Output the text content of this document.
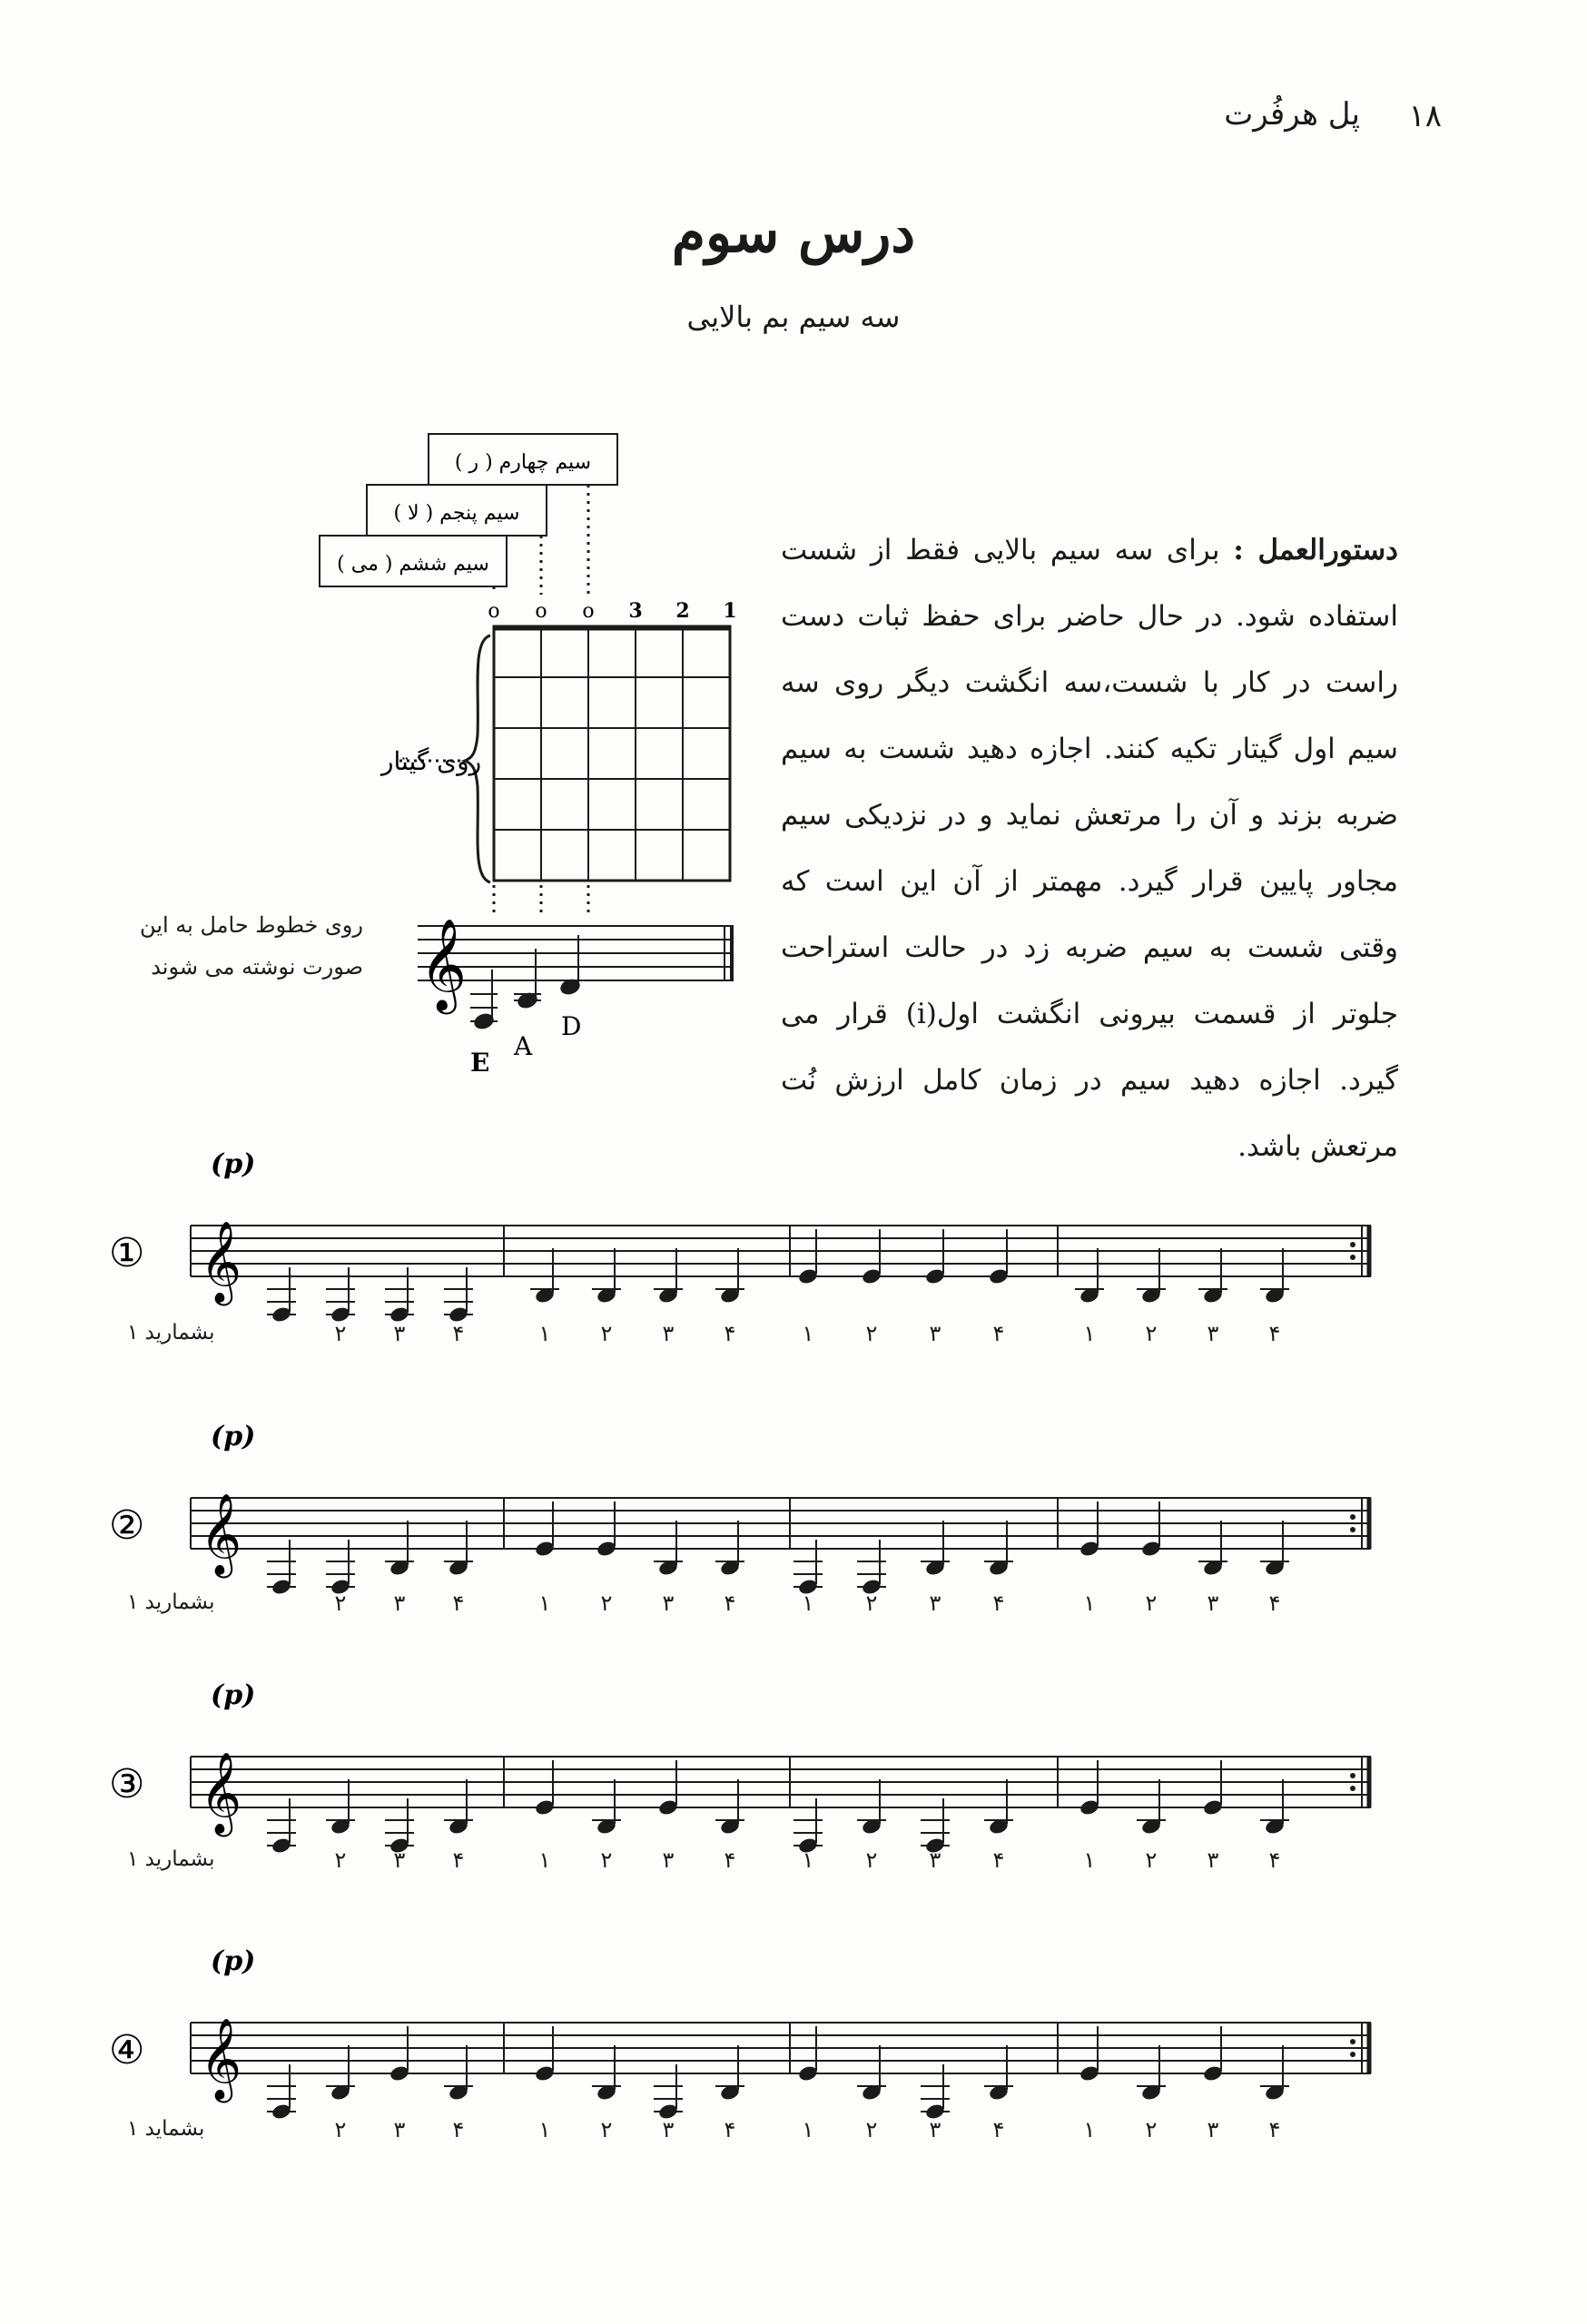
۱۸
پل هرفُرت
درس سوم
سه سیم بم بالایی
سیم چهارم ( ر )
سیم پنجم ( لا )
سیم ششم ( می )
o o o 3 2 1
روی گیتار
𝄞
E
A
D
روی خطوط حامل به این
صورت نوشته می شوند
دستورالعمل : برای سه سیم بالایی فقط از شست استفاده شود. در حال حاضر برای حفظ ثبات دست راست در کار با شست،سه انگشت دیگر روی سه سیم اول گیتار تکیه کنند. اجازه دهید شست به سیم ضربه بزند و آن را مرتعش نماید و در نزدیکی سیم مجاور پایین قرار گیرد. مهمتر از آن این است که وقتی شست به سیم ضربه زد در حالت استراحت جلوتر از قسمت بیرونی انگشت اول(i) قرار می گیرد. اجازه دهید سیم در زمان کامل ارزش نُت مرتعش باشد.
𝄞
①
(p)
𝄞
②
(p)
𝄞
③
(p)
𝄞
④
(p)
بشمارید ۱	۲	۳	۴	۱	۲	۳	۴	۱	۲	۳	۴	۱	۲	۳	۴
بشمارید ۱	۲	۳	۴	۱	۲	۳	۴	۱	۲	۳	۴	۱	۲	۳	۴
بشمارید ۱	۲	۳	۴	۱	۲	۳	۴	۱	۲	۳	۴	۱	۲	۳	۴
بشماید ۱	۲	۳	۴	۱	۲	۳	۴	۱	۲	۳	۴	۱	۲	۳	۴
